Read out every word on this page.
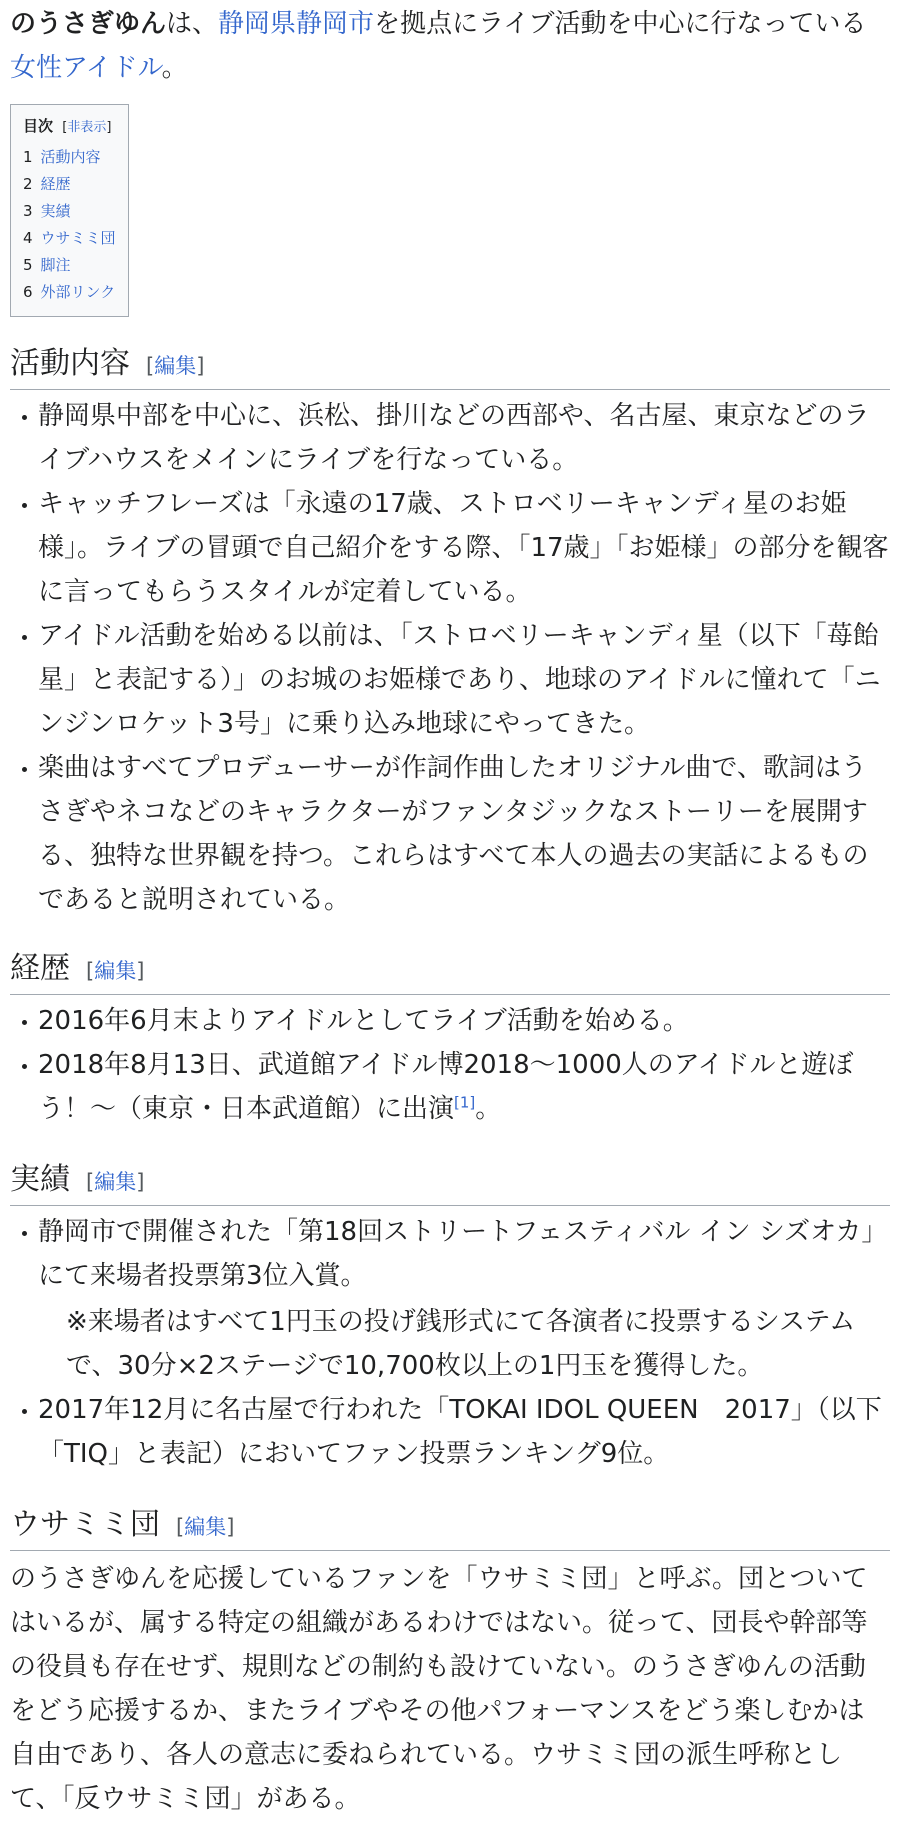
のうさぎゆんは、静岡県静岡市を拠点にライブ活動を中心に行なっている女性アイドル。

目次 [非表示]
1 活動内容
2 経歴
3 実績
4 ウサミミ団
5 脚注
6 外部リンク
活動内容 [編集]
静岡県中部を中心に、浜松、掛川などの西部や、名古屋、東京などのライブハウスをメインにライブを行なっている。
キャッチフレーズは「永遠の17歳、ストロベリーキャンディ星のお姫様」。ライブの冒頭で自己紹介をする際、「17歳」「お姫様」の部分を観客に言ってもらうスタイルが定着している。
アイドル活動を始める以前は、「ストロベリーキャンディ星（以下「苺飴星」と表記する）」のお城のお姫様であり、地球のアイドルに憧れて「ニンジンロケット3号」に乗り込み地球にやってきた。
楽曲はすべてプロデューサーが作詞作曲したオリジナル曲で、歌詞はうさぎやネコなどのキャラクターがファンタジックなストーリーを展開する、独特な世界観を持つ。これらはすべて本人の過去の実話によるものであると説明されている。
経歴 [編集]
2016年6月末よりアイドルとしてライブ活動を始める。
2018年8月13日、武道館アイドル博2018〜1000人のアイドルと遊ぼう！〜（東京・日本武道館）に出演[1]。
実績 [編集]
静岡市で開催された「第18回ストリートフェスティバル イン シズオカ」にて来場者投票第3位入賞。
※来場者はすべて1円玉の投げ銭形式にて各演者に投票するシステムで、30分×2ステージで10,700枚以上の1円玉を獲得した。
2017年12月に名古屋で行われた「TOKAI IDOL QUEEN　2017」（以下「TIQ」と表記）においてファン投票ランキング9位。
ウサミミ団 [編集]

のうさぎゆんを応援しているファンを「ウサミミ団」と呼ぶ。団とついてはいるが、属する特定の組織があるわけではない。従って、団長や幹部等の役員も存在せず、規則などの制約も設けていない。のうさぎゆんの活動をどう応援するか、またライブやその他パフォーマンスをどう楽しむかは自由であり、各人の意志に委ねられている。ウサミミ団の派生呼称として、「反ウサミミ団」がある。
